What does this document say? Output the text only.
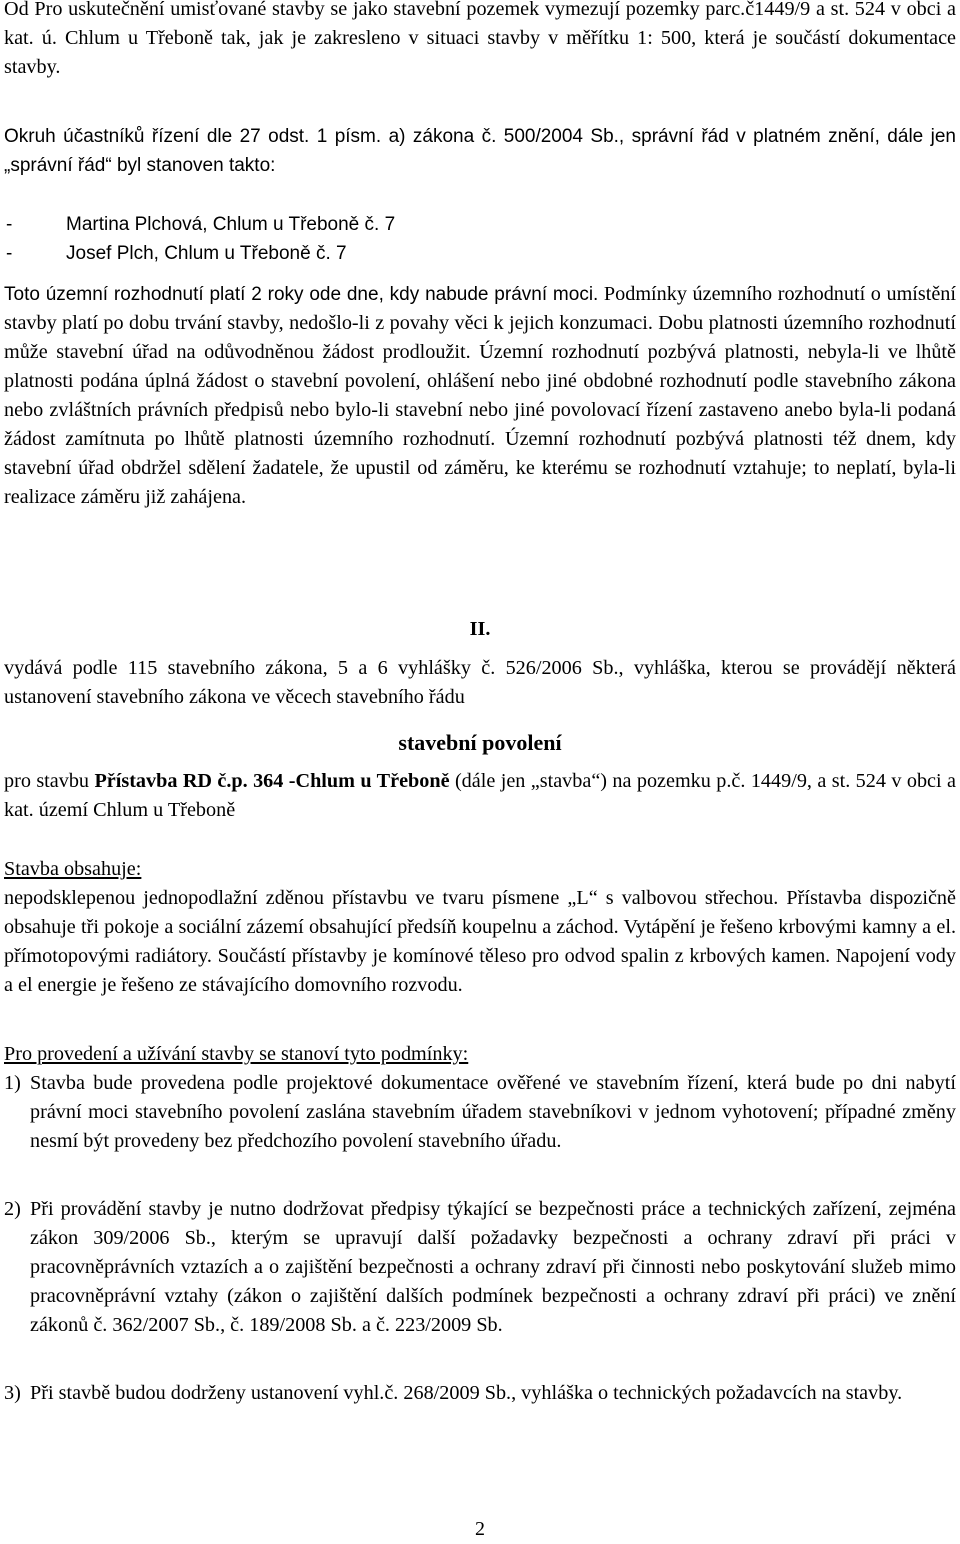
Od Pro uskutečnění umisťované stavby se jako stavební pozemek vymezují pozemky parc.č1449/9 a st. 524 v obci a kat. ú. Chlum u Třeboně tak, jak je zakresleno v situaci stavby v měřítku 1: 500, která je součástí dokumentace stavby.

Okruh účastníků řízení dle 27 odst. 1 písm. a) zákona č. 500/2004 Sb., správní řád v platném znění, dále jen „správní řád“ byl stanoven takto:

-	Martina Plchová, Chlum u Třeboně č. 7
-	Josef Plch, Chlum u Třeboně č. 7

Toto územní rozhodnutí platí 2 roky ode dne, kdy nabude právní moci. Podmínky územního rozhodnutí o umístění stavby platí po dobu trvání stavby, nedošlo-li z povahy věci k jejich konzumaci. Dobu platnosti územního rozhodnutí může stavební úřad na odůvodněnou žádost prodloužit. Územní rozhodnutí pozbývá platnosti, nebyla-li ve lhůtě platnosti podána úplná žádost o stavební povolení, ohlášení nebo jiné obdobné rozhodnutí podle stavebního zákona nebo zvláštních právních předpisů nebo bylo-li stavební nebo jiné povolovací řízení zastaveno anebo byla-li podaná žádost zamítnuta po lhůtě platnosti územního rozhodnutí. Územní rozhodnutí pozbývá platnosti též dnem, kdy stavební úřad obdržel sdělení žadatele, že upustil od záměru, ke kterému se rozhodnutí vztahuje; to neplatí, byla-li realizace záměru již zahájena.

II.

vydává podle 115 stavebního zákona, 5 a 6 vyhlášky č. 526/2006 Sb., vyhláška, kterou se provádějí některá ustanovení stavebního zákona ve věcech stavebního řádu

stavební povolení

pro stavbu Přístavba RD č.p. 364 -Chlum u Třeboně (dále jen „stavba“) na pozemku p.č. 1449/9, a st. 524 v obci a kat. území Chlum u Třeboně

Stavba obsahuje:

nepodsklepenou jednopodlažní zděnou přístavbu ve tvaru písmene „L“ s valbovou střechou. Přístavba dispozičně obsahuje tři pokoje a sociální zázemí obsahující předsíň koupelnu a záchod. Vytápění je řešeno krbovými kamny a el. přímotopovými radiátory. Součástí přístavby je komínové těleso pro odvod spalin z krbových kamen. Napojení vody a el energie je řešeno ze stávajícího domovního rozvodu.

Pro provedení a užívání stavby se stanoví tyto podmínky:

1) Stavba bude provedena podle projektové dokumentace ověřené ve stavebním řízení, která bude po dni nabytí právní moci stavebního povolení zaslána stavebním úřadem stavebníkovi v jednom vyhotovení; případné změny nesmí být provedeny bez předchozího povolení stavebního úřadu.
2) Při provádění stavby je nutno dodržovat předpisy týkající se bezpečnosti práce a technických zařízení, zejména zákon 309/2006 Sb., kterým se upravují další požadavky bezpečnosti a ochrany zdraví při práci v pracovněprávních vztazích a o zajištění bezpečnosti a ochrany zdraví při činnosti nebo poskytování služeb mimo pracovněprávní vztahy (zákon o zajištění dalších podmínek bezpečnosti a ochrany zdraví při práci) ve znění zákonů č. 362/2007 Sb., č. 189/2008 Sb. a č. 223/2009 Sb.
3) Při stavbě budou dodrženy ustanovení vyhl.č. 268/2009 Sb., vyhláška o technických požadavcích na stavby.
2
